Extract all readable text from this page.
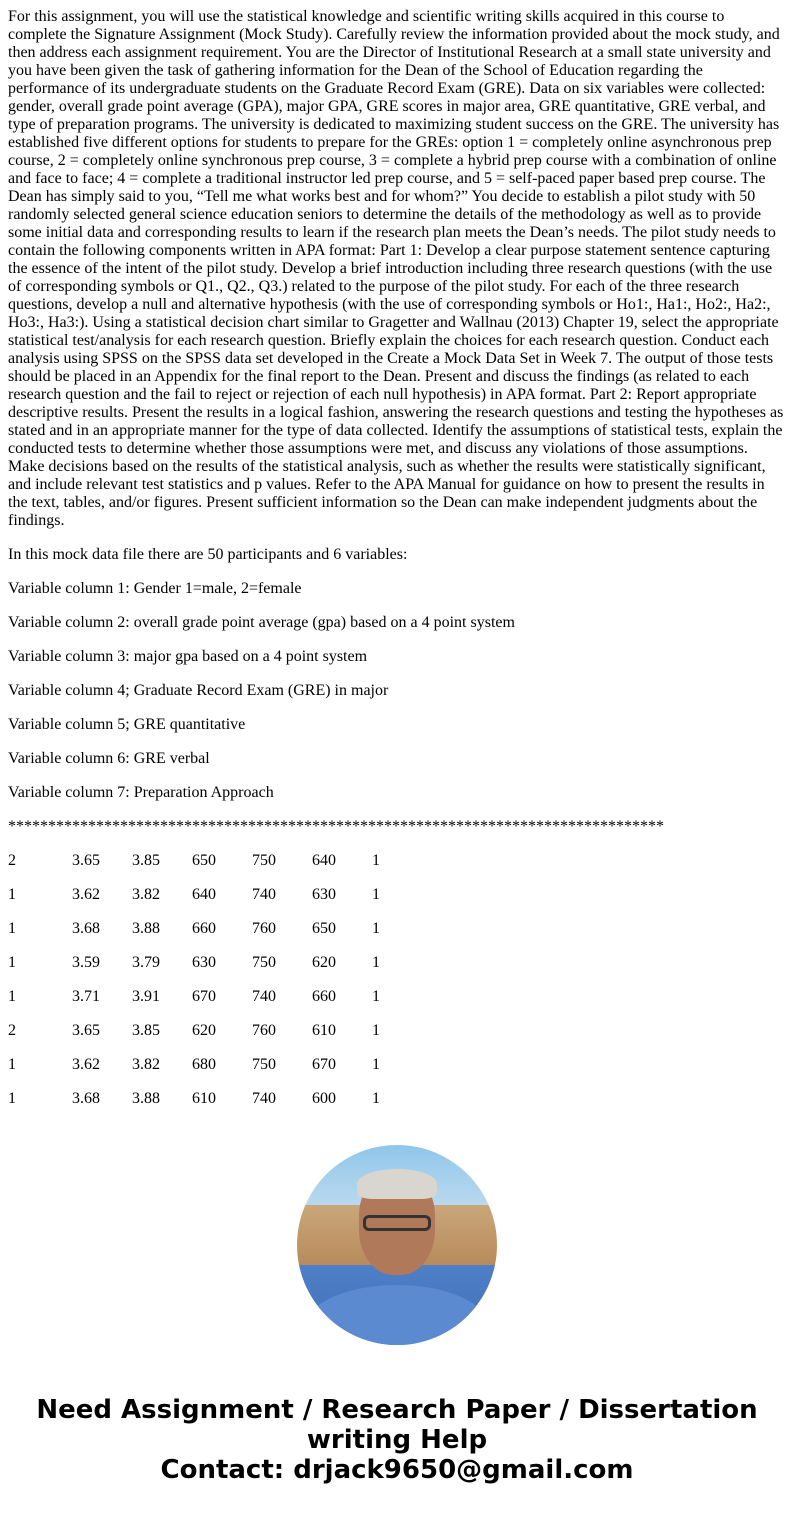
For this assignment, you will use the statistical knowledge and scientific writing skills acquired in this course to complete the Signature Assignment (Mock Study). Carefully review the information provided about the mock study, and then address each assignment requirement. You are the Director of Institutional Research at a small state university and you have been given the task of gathering information for the Dean of the School of Education regarding the performance of its undergraduate students on the Graduate Record Exam (GRE). Data on six variables were collected: gender, overall grade point average (GPA), major GPA, GRE scores in major area, GRE quantitative, GRE verbal, and type of preparation programs. The university is dedicated to maximizing student success on the GRE. The university has established five different options for students to prepare for the GREs: option 1 = completely online asynchronous prep course, 2 = completely online synchronous prep course, 3 = complete a hybrid prep course with a combination of online and face to face; 4 = complete a traditional instructor led prep course, and 5 = self-paced paper based prep course. The Dean has simply said to you, “Tell me what works best and for whom?” You decide to establish a pilot study with 50 randomly selected general science education seniors to determine the details of the methodology as well as to provide some initial data and corresponding results to learn if the research plan meets the Dean’s needs. The pilot study needs to contain the following components written in APA format: Part 1: Develop a clear purpose statement sentence capturing the essence of the intent of the pilot study. Develop a brief introduction including three research questions (with the use of corresponding symbols or Q1., Q2., Q3.) related to the purpose of the pilot study. For each of the three research questions, develop a null and alternative hypothesis (with the use of corresponding symbols or Ho1:, Ha1:, Ho2:, Ha2:, Ho3:, Ha3:). Using a statistical decision chart similar to Gragetter and Wallnau (2013) Chapter 19, select the appropriate statistical test/analysis for each research question. Briefly explain the choices for each research question. Conduct each analysis using SPSS on the SPSS data set developed in the Create a Mock Data Set in Week 7. The output of those tests should be placed in an Appendix for the final report to the Dean. Present and discuss the findings (as related to each research question and the fail to reject or rejection of each null hypothesis) in APA format. Part 2: Report appropriate descriptive results. Present the results in a logical fashion, answering the research questions and testing the hypotheses as stated and in an appropriate manner for the type of data collected. Identify the assumptions of statistical tests, explain the conducted tests to determine whether those assumptions were met, and discuss any violations of those assumptions. Make decisions based on the results of the statistical analysis, such as whether the results were statistically significant, and include relevant test statistics and p values. Refer to the APA Manual for guidance on how to present the results in the text, tables, and/or figures. Present sufficient information so the Dean can make independent judgments about the findings.

In this mock data file there are 50 participants and 6 variables:

Variable column 1: Gender 1=male, 2=female

Variable column 2: overall grade point average (gpa) based on a 4 point system

Variable column 3: major gpa based on a 4 point system

Variable column 4; Graduate Record Exam (GRE) in major

Variable column 5; GRE quantitative

Variable column 6: GRE verbal

Variable column 7: Preparation Approach

**********************************************************************************

2	3.65	3.85	650	750	640	1
1	3.62	3.82	640	740	630	1
1	3.68	3.88	660	760	650	1
1	3.59	3.79	630	750	620	1
1	3.71	3.91	670	740	660	1
2	3.65	3.85	620	760	610	1
1	3.62	3.82	680	750	670	1
1	3.68	3.88	610	740	600	1
Need Assignment / Research Paper / Dissertation writing Help
Contact: drjack9650@gmail.com
